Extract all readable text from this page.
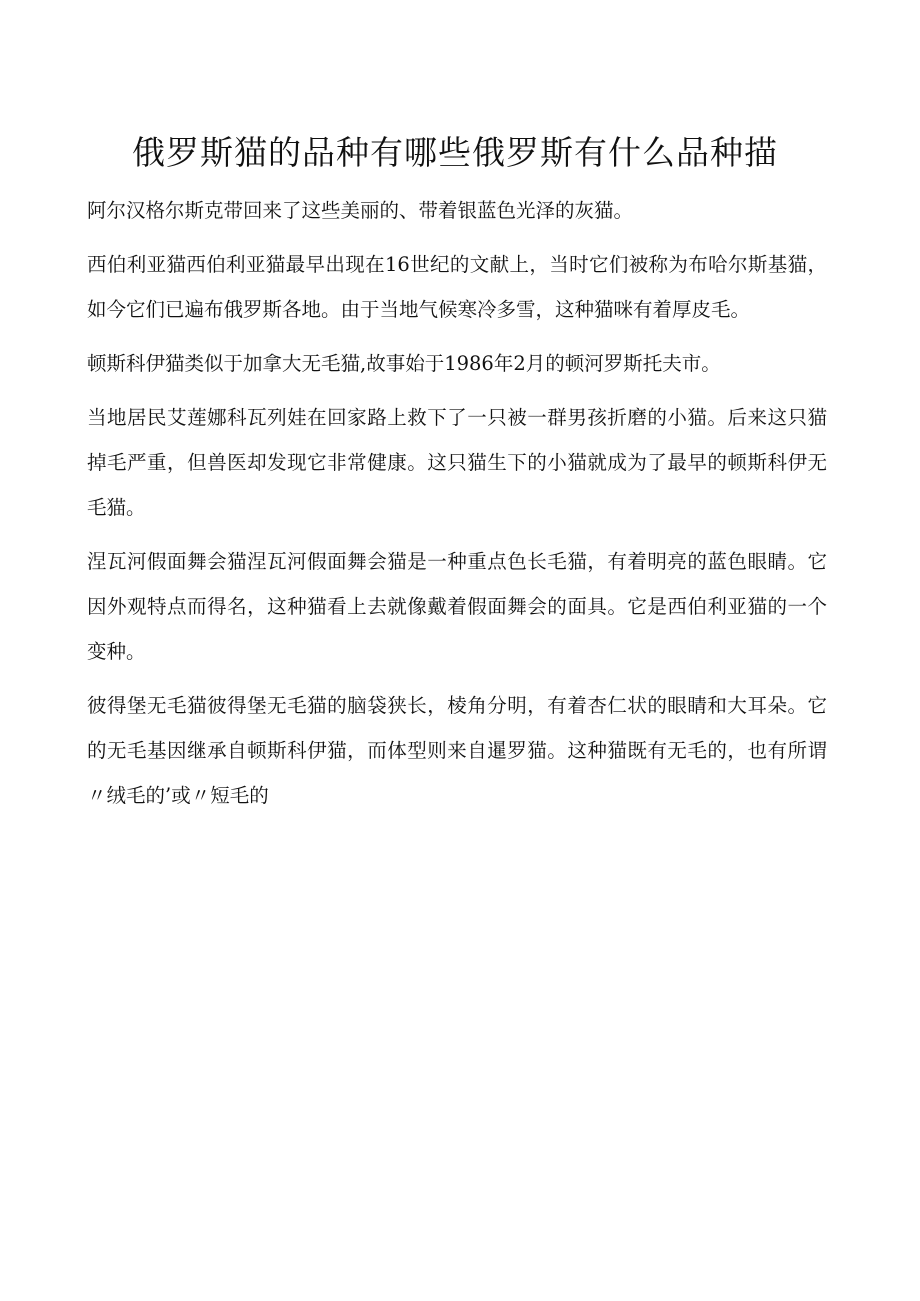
俄罗斯猫的品种有哪些俄罗斯有什么品种描

阿尔汉格尔斯克带回来了这些美丽的、带着银蓝色光泽的灰猫。

西伯利亚猫西伯利亚猫最早出现在16世纪的文献上，当时它们被称为布哈尔斯基猫，如今它们已遍布俄罗斯各地。由于当地气候寒冷多雪，这种猫咪有着厚皮毛。

顿斯科伊猫类似于加拿大无毛猫,故事始于1986年2月的顿河罗斯托夫市。

当地居民艾莲娜科瓦列娃在回家路上救下了一只被一群男孩折磨的小猫。后来这只猫掉毛严重，但兽医却发现它非常健康。这只猫生下的小猫就成为了最早的顿斯科伊无毛猫。

涅瓦河假面舞会猫涅瓦河假面舞会猫是一种重点色长毛猫，有着明亮的蓝色眼睛。它因外观特点而得名，这种猫看上去就像戴着假面舞会的面具。它是西伯利亚猫的一个变种。

彼得堡无毛猫彼得堡无毛猫的脑袋狭长，棱角分明，有着杏仁状的眼睛和大耳朵。它的无毛基因继承自顿斯科伊猫，而体型则来自暹罗猫。这种猫既有无毛的，也有所谓〃绒毛的’或〃短毛的
